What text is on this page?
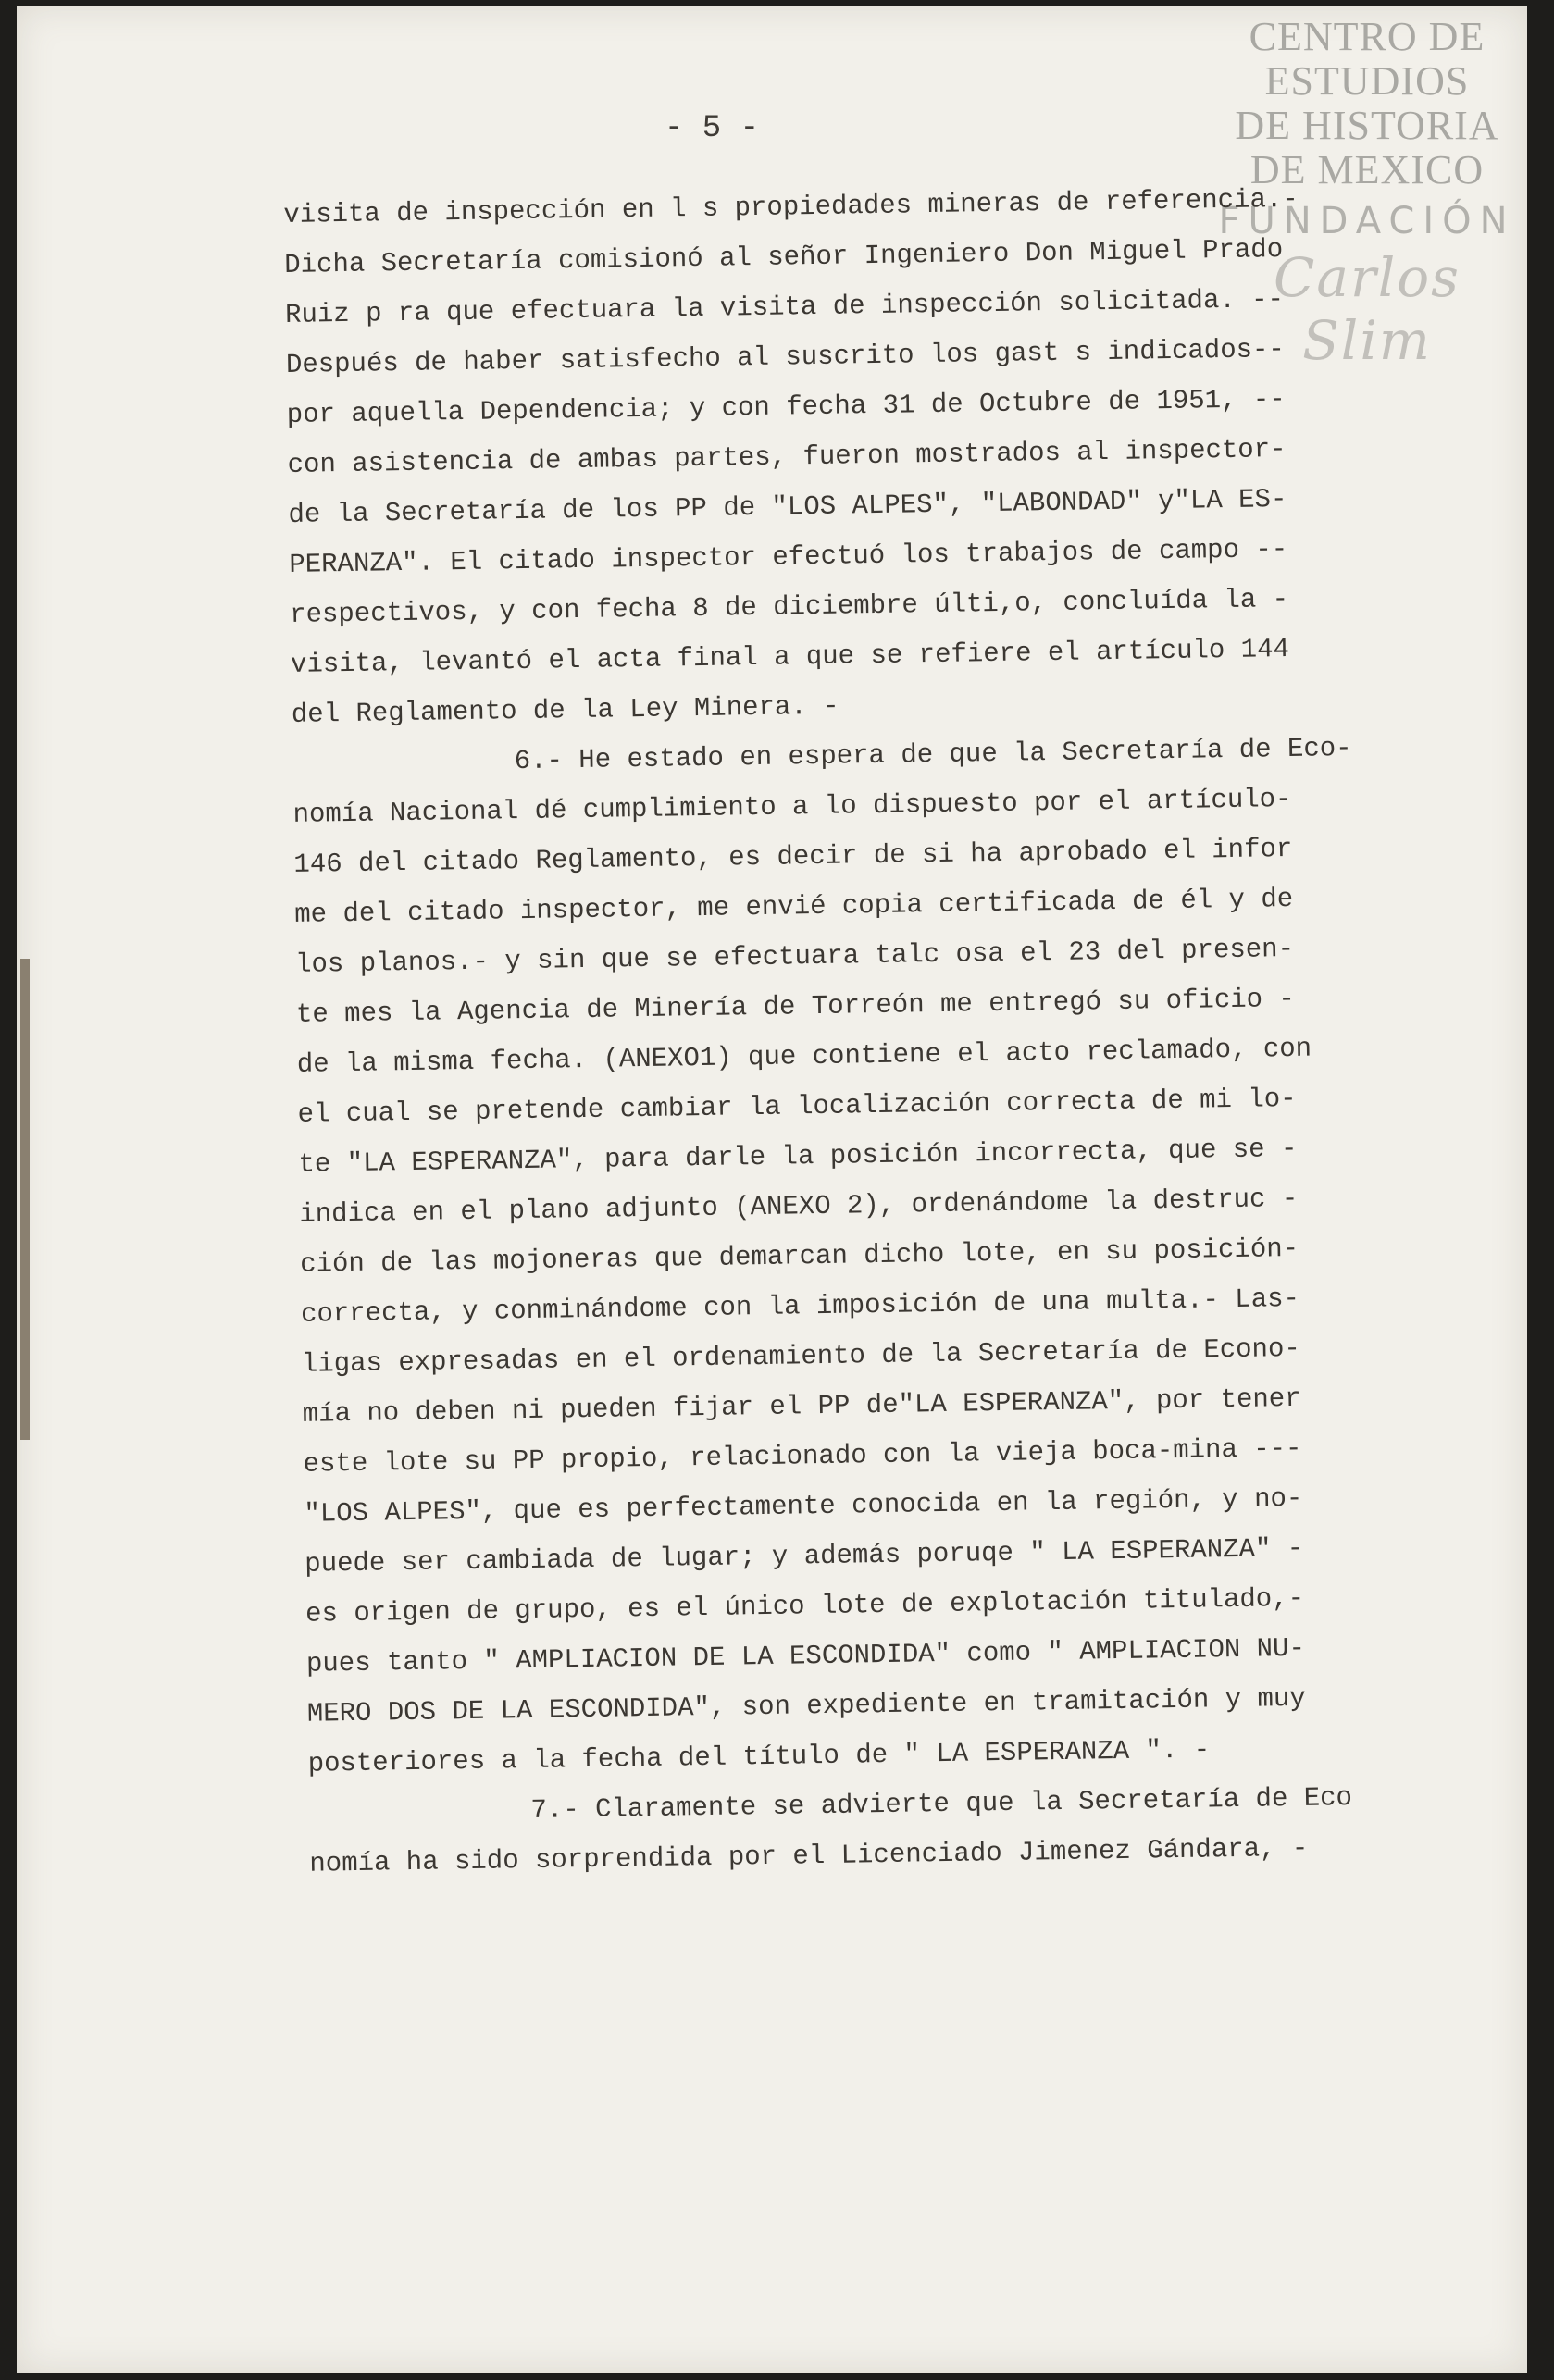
CENTRO DE
ESTUDIOS
DE HISTORIA
DE MEXICO
FUNDACIÓN
Carlos Slim
- 5 -
visita de inspección en l s propiedades mineras de referencia.-
Dicha Secretaría comisionó al señor Ingeniero Don Miguel Prado
Ruiz p ra que efectuara la visita de inspección solicitada. --
Después de haber satisfecho al suscrito los gast s indicados--
por aquella Dependencia; y con fecha 31 de Octubre de 1951, --
con asistencia de ambas partes, fueron mostrados al inspector-
de la Secretaría de los PP de "LOS ALPES", "LABONDAD" y"LA ES-
PERANZA". El citado inspector efectuó los trabajos de campo --
respectivos, y con fecha 8 de diciembre últi,o, concluída la -
visita, levantó el acta final a que se refiere el artículo 144
del Reglamento de la Ley Minera. -
6.- He estado en espera de que la Secretaría de Eco-
nomía Nacional dé cumplimiento a lo dispuesto por el artículo-
146 del citado Reglamento, es decir de si ha aprobado el infor
me del citado inspector, me envié copia certificada de él y de
los planos.- y sin que se efectuara talc osa el 23 del presen-
te mes la Agencia de Minería de Torreón me entregó su oficio -
de la misma fecha. (ANEXO1) que contiene el acto reclamado, con
el cual se pretende cambiar la localización correcta de mi lo-
te "LA ESPERANZA", para darle la posición incorrecta, que se -
indica en el plano adjunto (ANEXO 2), ordenándome la destruc -
ción de las mojoneras que demarcan dicho lote, en su posición-
correcta, y conminándome con la imposición de una multa.- Las-
ligas expresadas en el ordenamiento de la Secretaría de Econo-
mía no deben ni pueden fijar el PP de"LA ESPERANZA", por tener
este lote su PP propio, relacionado con la vieja boca-mina ---
"LOS ALPES", que es perfectamente conocida en la región, y no-
puede ser cambiada de lugar; y además poruqe " LA ESPERANZA" -
es origen de grupo, es el único lote de explotación titulado,-
pues tanto " AMPLIACION DE LA ESCONDIDA" como " AMPLIACION NU-
MERO DOS DE LA ESCONDIDA", son expediente en tramitación y muy
posteriores a la fecha del título de " LA ESPERANZA ". -
7.- Claramente se advierte que la Secretaría de Eco
nomía ha sido sorprendida por el Licenciado Jimenez Gándara, -
